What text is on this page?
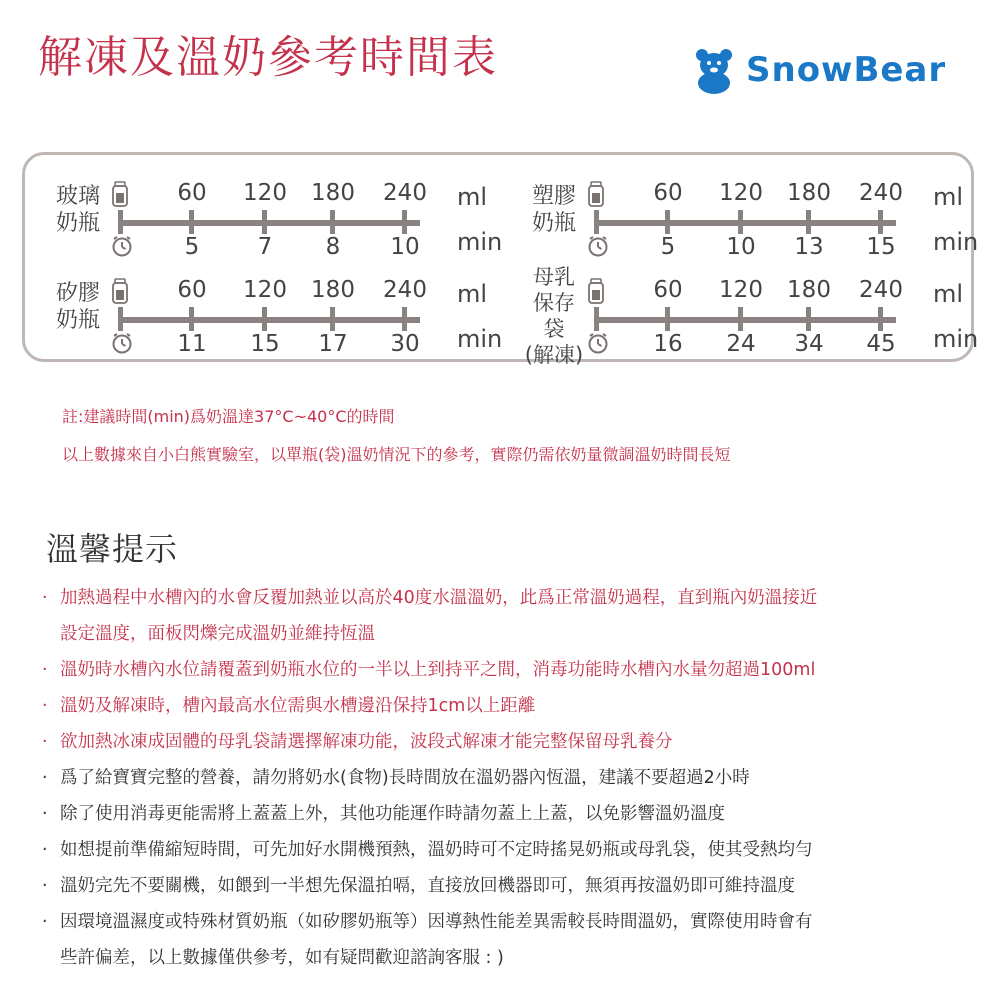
解凍及溫奶參考時間表	SnowBear
玻璃
奶瓶
60
5
120
7
180
8
240
10
ml
min
塑膠
奶瓶
60
5
120
10
180
13
240
15
ml
min
矽膠
奶瓶
60
11
120
15
180
17
240
30
ml
min
母乳
保存袋
(解凍)
60
16
120
24
180
34
240
45
ml
min
註:建議時間(min)爲奶溫達37°C~40°C的時間
以上數據來自小白熊實驗室，以單瓶(袋)溫奶情況下的參考，實際仍需依奶量微調溫奶時間長短
溫馨提示
· 加熱過程中水槽內的水會反覆加熱並以高於40度水溫溫奶，此爲正常溫奶過程，直到瓶內奶溫接近
設定溫度，面板閃爍完成溫奶並維持恆溫
· 溫奶時水槽內水位請覆蓋到奶瓶水位的一半以上到持平之間，消毒功能時水槽內水量勿超過100ml
· 溫奶及解凍時，槽內最高水位需與水槽邊沿保持1cm以上距離
· 欲加熱冰凍成固體的母乳袋請選擇解凍功能，波段式解凍才能完整保留母乳養分
· 爲了給寶寶完整的營養，請勿將奶水(食物)長時間放在溫奶器內恆溫，建議不要超過2小時
· 除了使用消毒更能需將上蓋蓋上外，其他功能運作時請勿蓋上上蓋，以免影響溫奶溫度
· 如想提前準備縮短時間，可先加好水開機預熱，溫奶時可不定時搖晃奶瓶或母乳袋，使其受熱均勻
· 溫奶完先不要關機，如餵到一半想先保溫拍嗝，直接放回機器即可，無須再按溫奶即可維持溫度
· 因環境溫濕度或特殊材質奶瓶（如矽膠奶瓶等）因導熱性能差異需較長時間溫奶，實際使用時會有
些許偏差，以上數據僅供參考，如有疑問歡迎諮詢客服 : )
